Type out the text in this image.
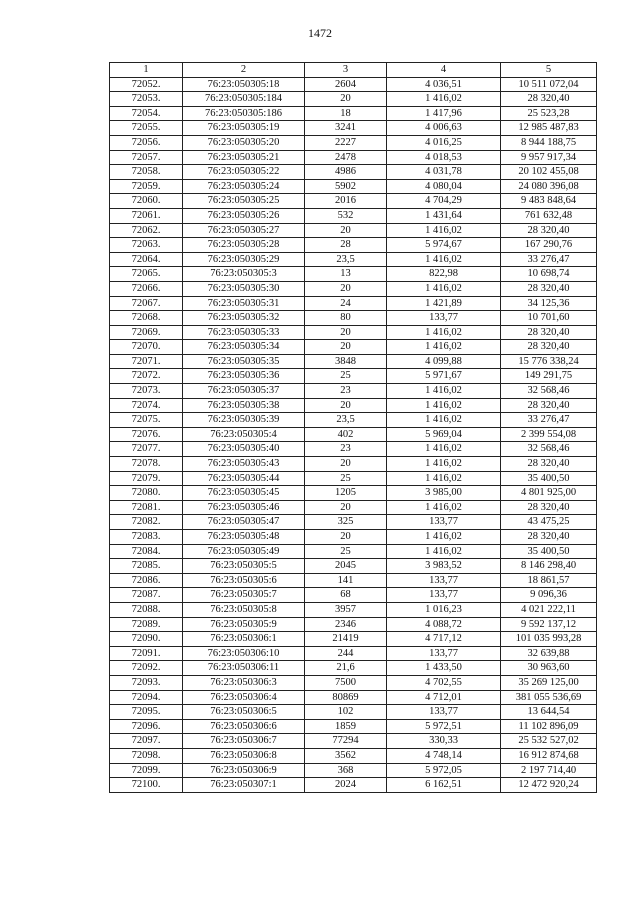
1472
1	2	3	4	5
72052.	76:23:050305:18	2604	4 036,51	10 511 072,04
72053.	76:23:050305:184	20	1 416,02	28 320,40
72054.	76:23:050305:186	18	1 417,96	25 523,28
72055.	76:23:050305:19	3241	4 006,63	12 985 487,83
72056.	76:23:050305:20	2227	4 016,25	8 944 188,75
72057.	76:23:050305:21	2478	4 018,53	9 957 917,34
72058.	76:23:050305:22	4986	4 031,78	20 102 455,08
72059.	76:23:050305:24	5902	4 080,04	24 080 396,08
72060.	76:23:050305:25	2016	4 704,29	9 483 848,64
72061.	76:23:050305:26	532	1 431,64	761 632,48
72062.	76:23:050305:27	20	1 416,02	28 320,40
72063.	76:23:050305:28	28	5 974,67	167 290,76
72064.	76:23:050305:29	23,5	1 416,02	33 276,47
72065.	76:23:050305:3	13	822,98	10 698,74
72066.	76:23:050305:30	20	1 416,02	28 320,40
72067.	76:23:050305:31	24	1 421,89	34 125,36
72068.	76:23:050305:32	80	133,77	10 701,60
72069.	76:23:050305:33	20	1 416,02	28 320,40
72070.	76:23:050305:34	20	1 416,02	28 320,40
72071.	76:23:050305:35	3848	4 099,88	15 776 338,24
72072.	76:23:050305:36	25	5 971,67	149 291,75
72073.	76:23:050305:37	23	1 416,02	32 568,46
72074.	76:23:050305:38	20	1 416,02	28 320,40
72075.	76:23:050305:39	23,5	1 416,02	33 276,47
72076.	76:23:050305:4	402	5 969,04	2 399 554,08
72077.	76:23:050305:40	23	1 416,02	32 568,46
72078.	76:23:050305:43	20	1 416,02	28 320,40
72079.	76:23:050305:44	25	1 416,02	35 400,50
72080.	76:23:050305:45	1205	3 985,00	4 801 925,00
72081.	76:23:050305:46	20	1 416,02	28 320,40
72082.	76:23:050305:47	325	133,77	43 475,25
72083.	76:23:050305:48	20	1 416,02	28 320,40
72084.	76:23:050305:49	25	1 416,02	35 400,50
72085.	76:23:050305:5	2045	3 983,52	8 146 298,40
72086.	76:23:050305:6	141	133,77	18 861,57
72087.	76:23:050305:7	68	133,77	9 096,36
72088.	76:23:050305:8	3957	1 016,23	4 021 222,11
72089.	76:23:050305:9	2346	4 088,72	9 592 137,12
72090.	76:23:050306:1	21419	4 717,12	101 035 993,28
72091.	76:23:050306:10	244	133,77	32 639,88
72092.	76:23:050306:11	21,6	1 433,50	30 963,60
72093.	76:23:050306:3	7500	4 702,55	35 269 125,00
72094.	76:23:050306:4	80869	4 712,01	381 055 536,69
72095.	76:23:050306:5	102	133,77	13 644,54
72096.	76:23:050306:6	1859	5 972,51	11 102 896,09
72097.	76:23:050306:7	77294	330,33	25 532 527,02
72098.	76:23:050306:8	3562	4 748,14	16 912 874,68
72099.	76:23:050306:9	368	5 972,05	2 197 714,40
72100.	76:23:050307:1	2024	6 162,51	12 472 920,24
